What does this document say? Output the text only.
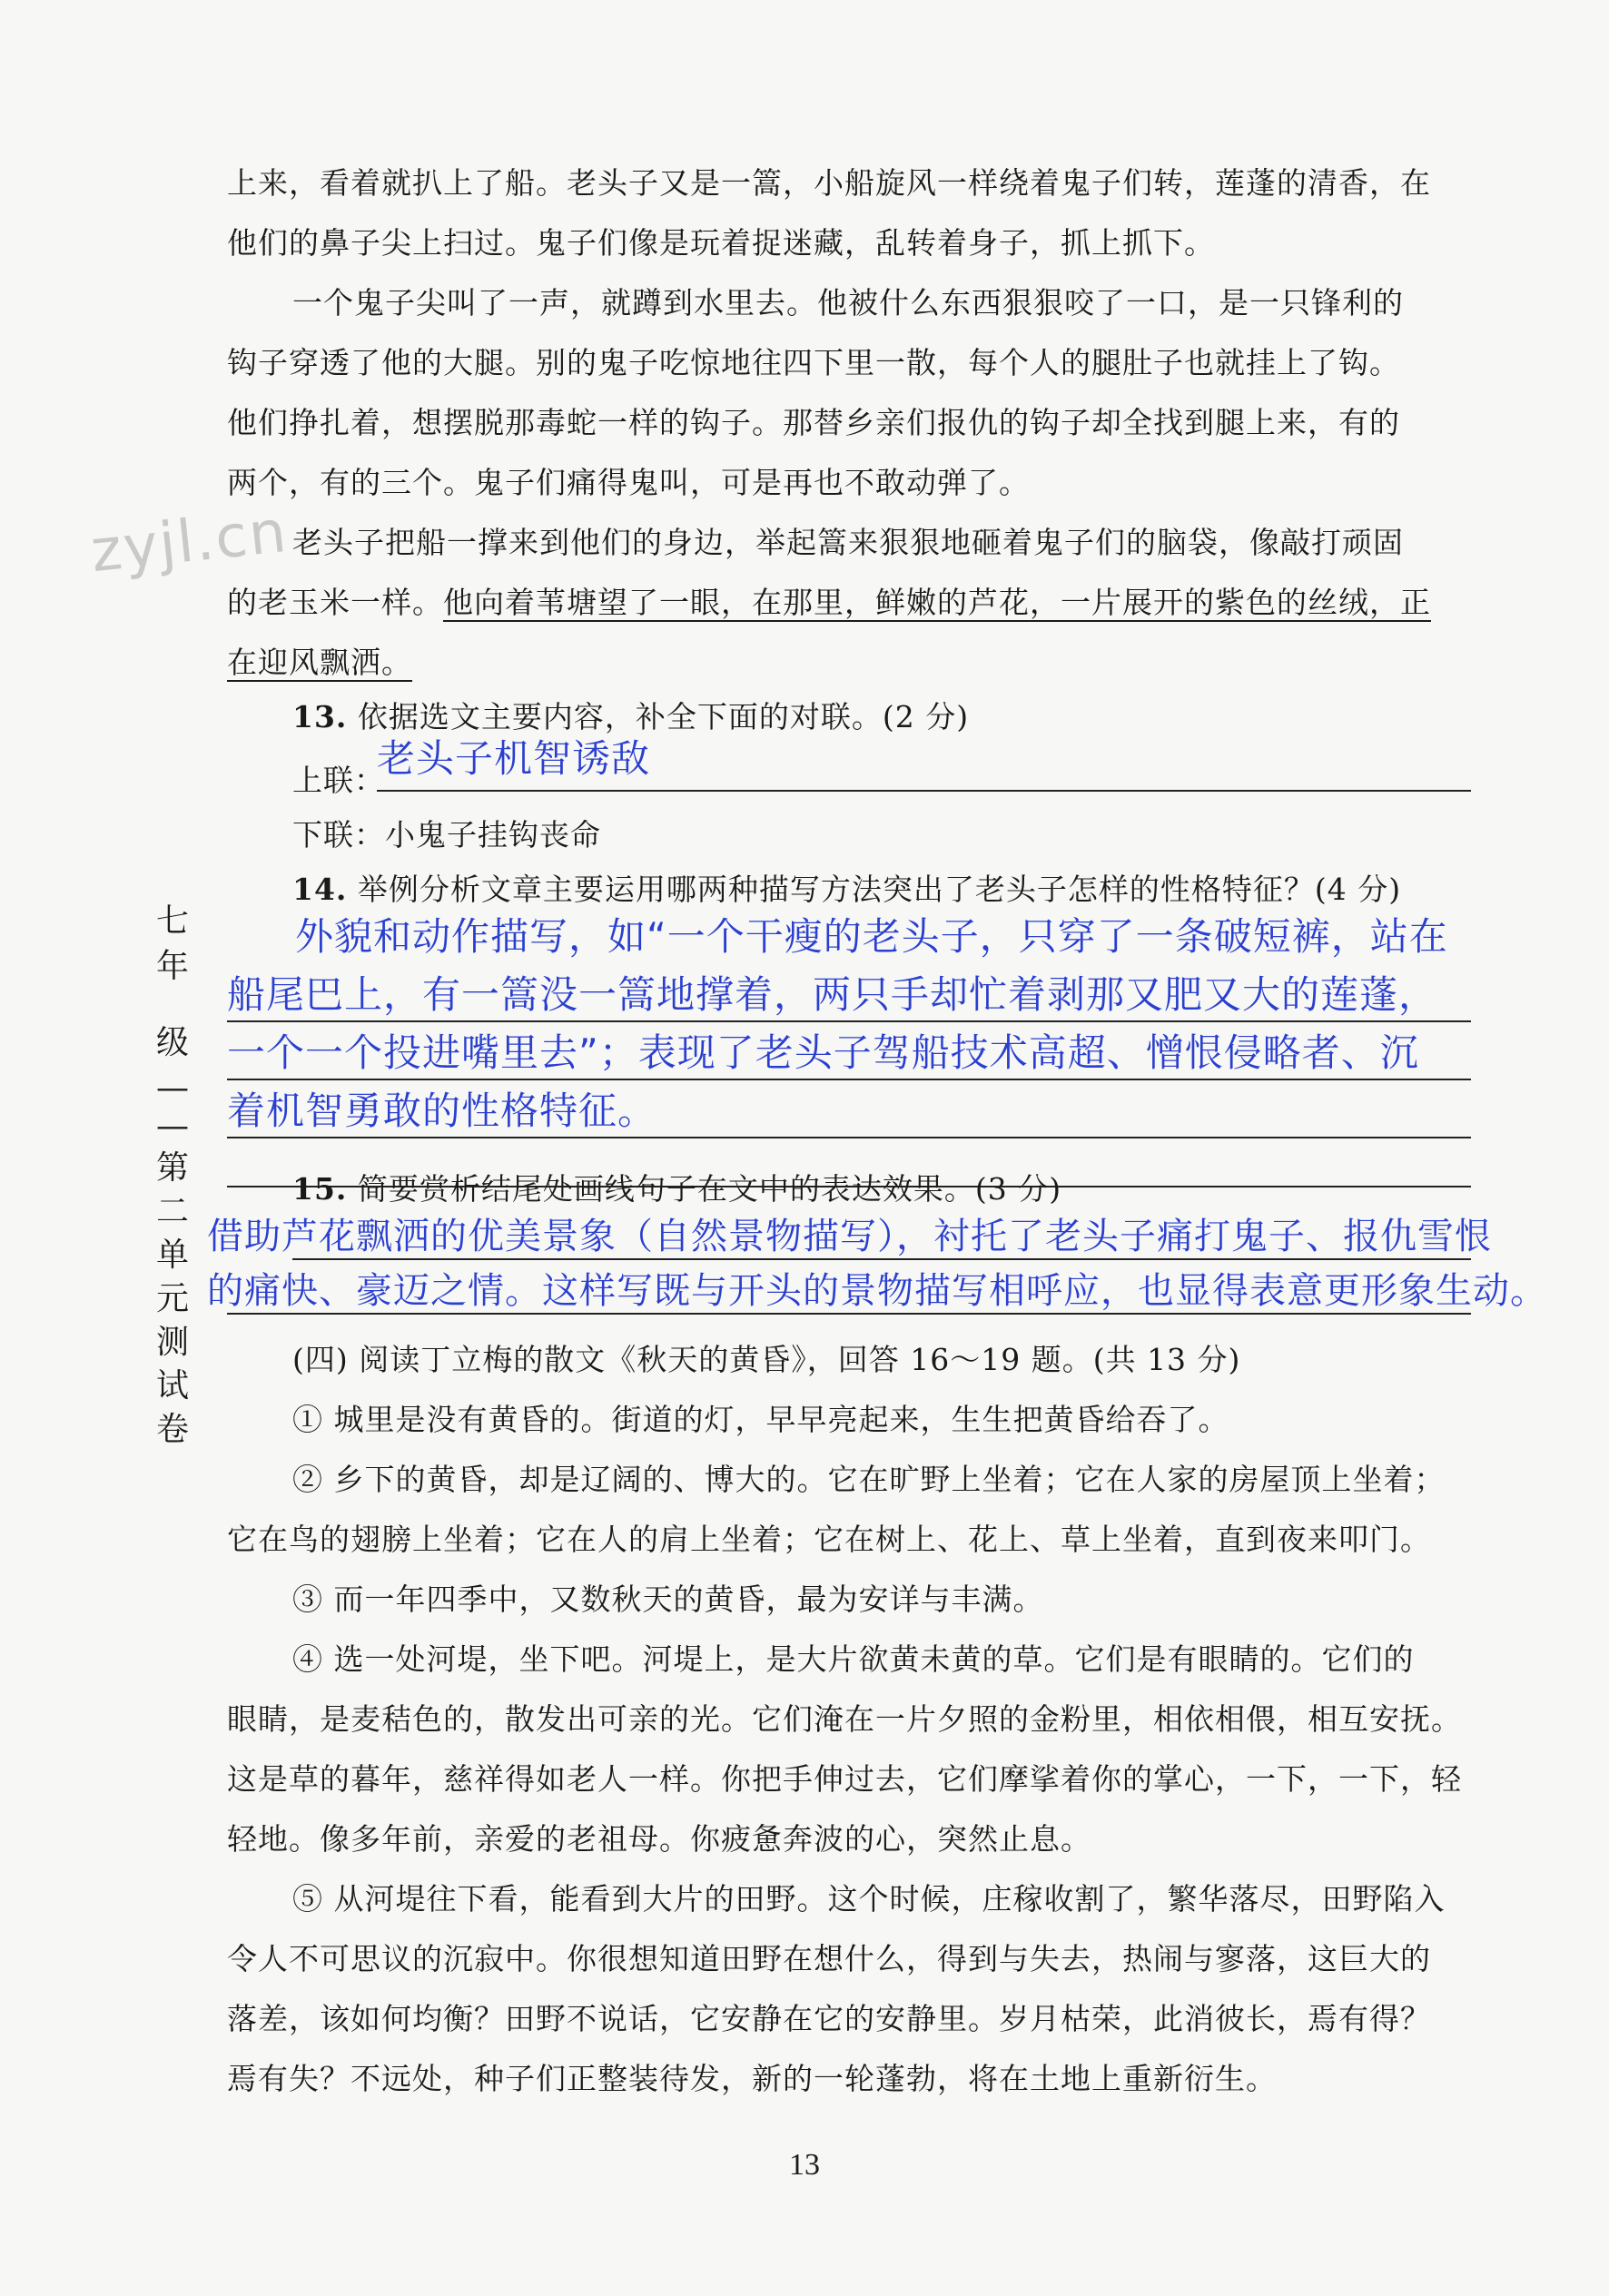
zyjl.cn
上来，看着就扒上了船。老头子又是一篙，小船旋风一样绕着鬼子们转，莲蓬的清香，在
他们的鼻子尖上扫过。鬼子们像是玩着捉迷藏，乱转着身子，抓上抓下。
一个鬼子尖叫了一声，就蹲到水里去。他被什么东西狠狠咬了一口，是一只锋利的
钩子穿透了他的大腿。别的鬼子吃惊地往四下里一散，每个人的腿肚子也就挂上了钩。
他们挣扎着，想摆脱那毒蛇一样的钩子。那替乡亲们报仇的钩子却全找到腿上来，有的
两个，有的三个。鬼子们痛得鬼叫，可是再也不敢动弹了。
老头子把船一撑来到他们的身边，举起篙来狠狠地砸着鬼子们的脑袋，像敲打顽固
的老玉米一样。他向着苇塘望了一眼，在那里，鲜嫩的芦花，一片展开的紫色的丝绒，正
在迎风飘洒。
13. 依据选文主要内容，补全下面的对联。(2 分)
上联：
老头子机智诱敌
下联：小鬼子挂钩丧命
14. 举例分析文章主要运用哪两种描写方法突出了老头子怎样的性格特征？(4 分)
外貌和动作描写，如“一个干瘦的老头子，只穿了一条破短裤，站在
船尾巴上，有一篙没一篙地撑着，两只手却忙着剥那又肥又大的莲蓬，
一个一个投进嘴里去”；表现了老头子驾船技术高超、憎恨侵略者、沉
着机智勇敢的性格特征。
15. 简要赏析结尾处画线句子在文中的表达效果。(3 分)
借助芦花飘洒的优美景象（自然景物描写），衬托了老头子痛打鬼子、报仇雪恨
的痛快、豪迈之情。这样写既与开头的景物描写相呼应，也显得表意更形象生动。
(四) 阅读丁立梅的散文《秋天的黄昏》，回答 16～19 题。(共 13 分)
① 城里是没有黄昏的。街道的灯，早早亮起来，生生把黄昏给吞了。
② 乡下的黄昏，却是辽阔的、博大的。它在旷野上坐着；它在人家的房屋顶上坐着；
它在鸟的翅膀上坐着；它在人的肩上坐着；它在树上、花上、草上坐着，直到夜来叩门。
③ 而一年四季中，又数秋天的黄昏，最为安详与丰满。
④ 选一处河堤，坐下吧。河堤上，是大片欲黄未黄的草。它们是有眼睛的。它们的
眼睛，是麦秸色的，散发出可亲的光。它们淹在一片夕照的金粉里，相依相偎，相互安抚。
这是草的暮年，慈祥得如老人一样。你把手伸过去，它们摩挲着你的掌心，一下，一下，轻
轻地。像多年前，亲爱的老祖母。你疲惫奔波的心，突然止息。
⑤ 从河堤往下看，能看到大片的田野。这个时候，庄稼收割了，繁华落尽，田野陷入
令人不可思议的沉寂中。你很想知道田野在想什么，得到与失去，热闹与寥落，这巨大的
落差，该如何均衡？田野不说话，它安静在它的安静里。岁月枯荣，此消彼长，焉有得？
焉有失？不远处，种子们正整装待发，新的一轮蓬勃，将在土地上重新衍生。
七
年
级
—
—
第
二
单
元
测
试
卷
13
